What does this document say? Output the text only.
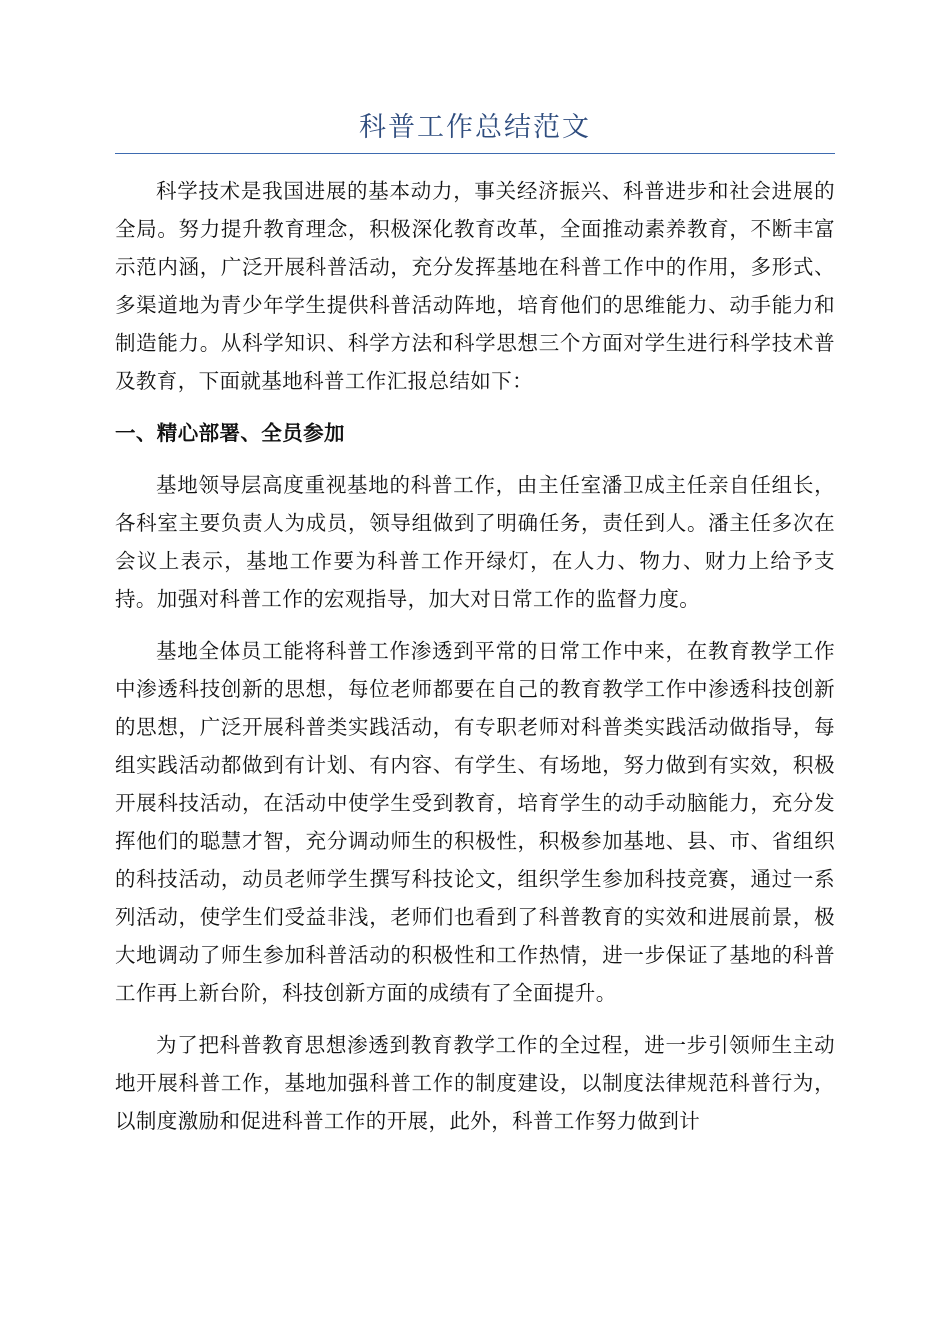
科普工作总结范文

科学技术是我国进展的基本动力，事关经济振兴、科普进步和社会进展的全局。努力提升教育理念，积极深化教育改革，全面推动素养教育，不断丰富示范内涵，广泛开展科普活动，充分发挥基地在科普工作中的作用，多形式、多渠道地为青少年学生提供科普活动阵地，培育他们的思维能力、动手能力和制造能力。从科学知识、科学方法和科学思想三个方面对学生进行科学技术普及教育，下面就基地科普工作汇报总结如下：

一、精心部署、全员参加

基地领导层高度重视基地的科普工作，由主任室潘卫成主任亲自任组长，各科室主要负责人为成员，领导组做到了明确任务，责任到人。潘主任多次在会议上表示，基地工作要为科普工作开绿灯，在人力、物力、财力上给予支持。加强对科普工作的宏观指导，加大对日常工作的监督力度。

基地全体员工能将科普工作渗透到平常的日常工作中来，在教育教学工作中渗透科技创新的思想，每位老师都要在自己的教育教学工作中渗透科技创新的思想，广泛开展科普类实践活动，有专职老师对科普类实践活动做指导，每组实践活动都做到有计划、有内容、有学生、有场地，努力做到有实效，积极开展科技活动，在活动中使学生受到教育，培育学生的动手动脑能力，充分发挥他们的聪慧才智，充分调动师生的积极性，积极参加基地、县、市、省组织的科技活动，动员老师学生撰写科技论文，组织学生参加科技竞赛，通过一系列活动，使学生们受益非浅，老师们也看到了科普教育的实效和进展前景，极大地调动了师生参加科普活动的积极性和工作热情，进一步保证了基地的科普工作再上新台阶，科技创新方面的成绩有了全面提升。

为了把科普教育思想渗透到教育教学工作的全过程，进一步引领师生主动地开展科普工作，基地加强科普工作的制度建设，以制度法律规范科普行为，以制度激励和促进科普工作的开展，此外，科普工作努力做到计
